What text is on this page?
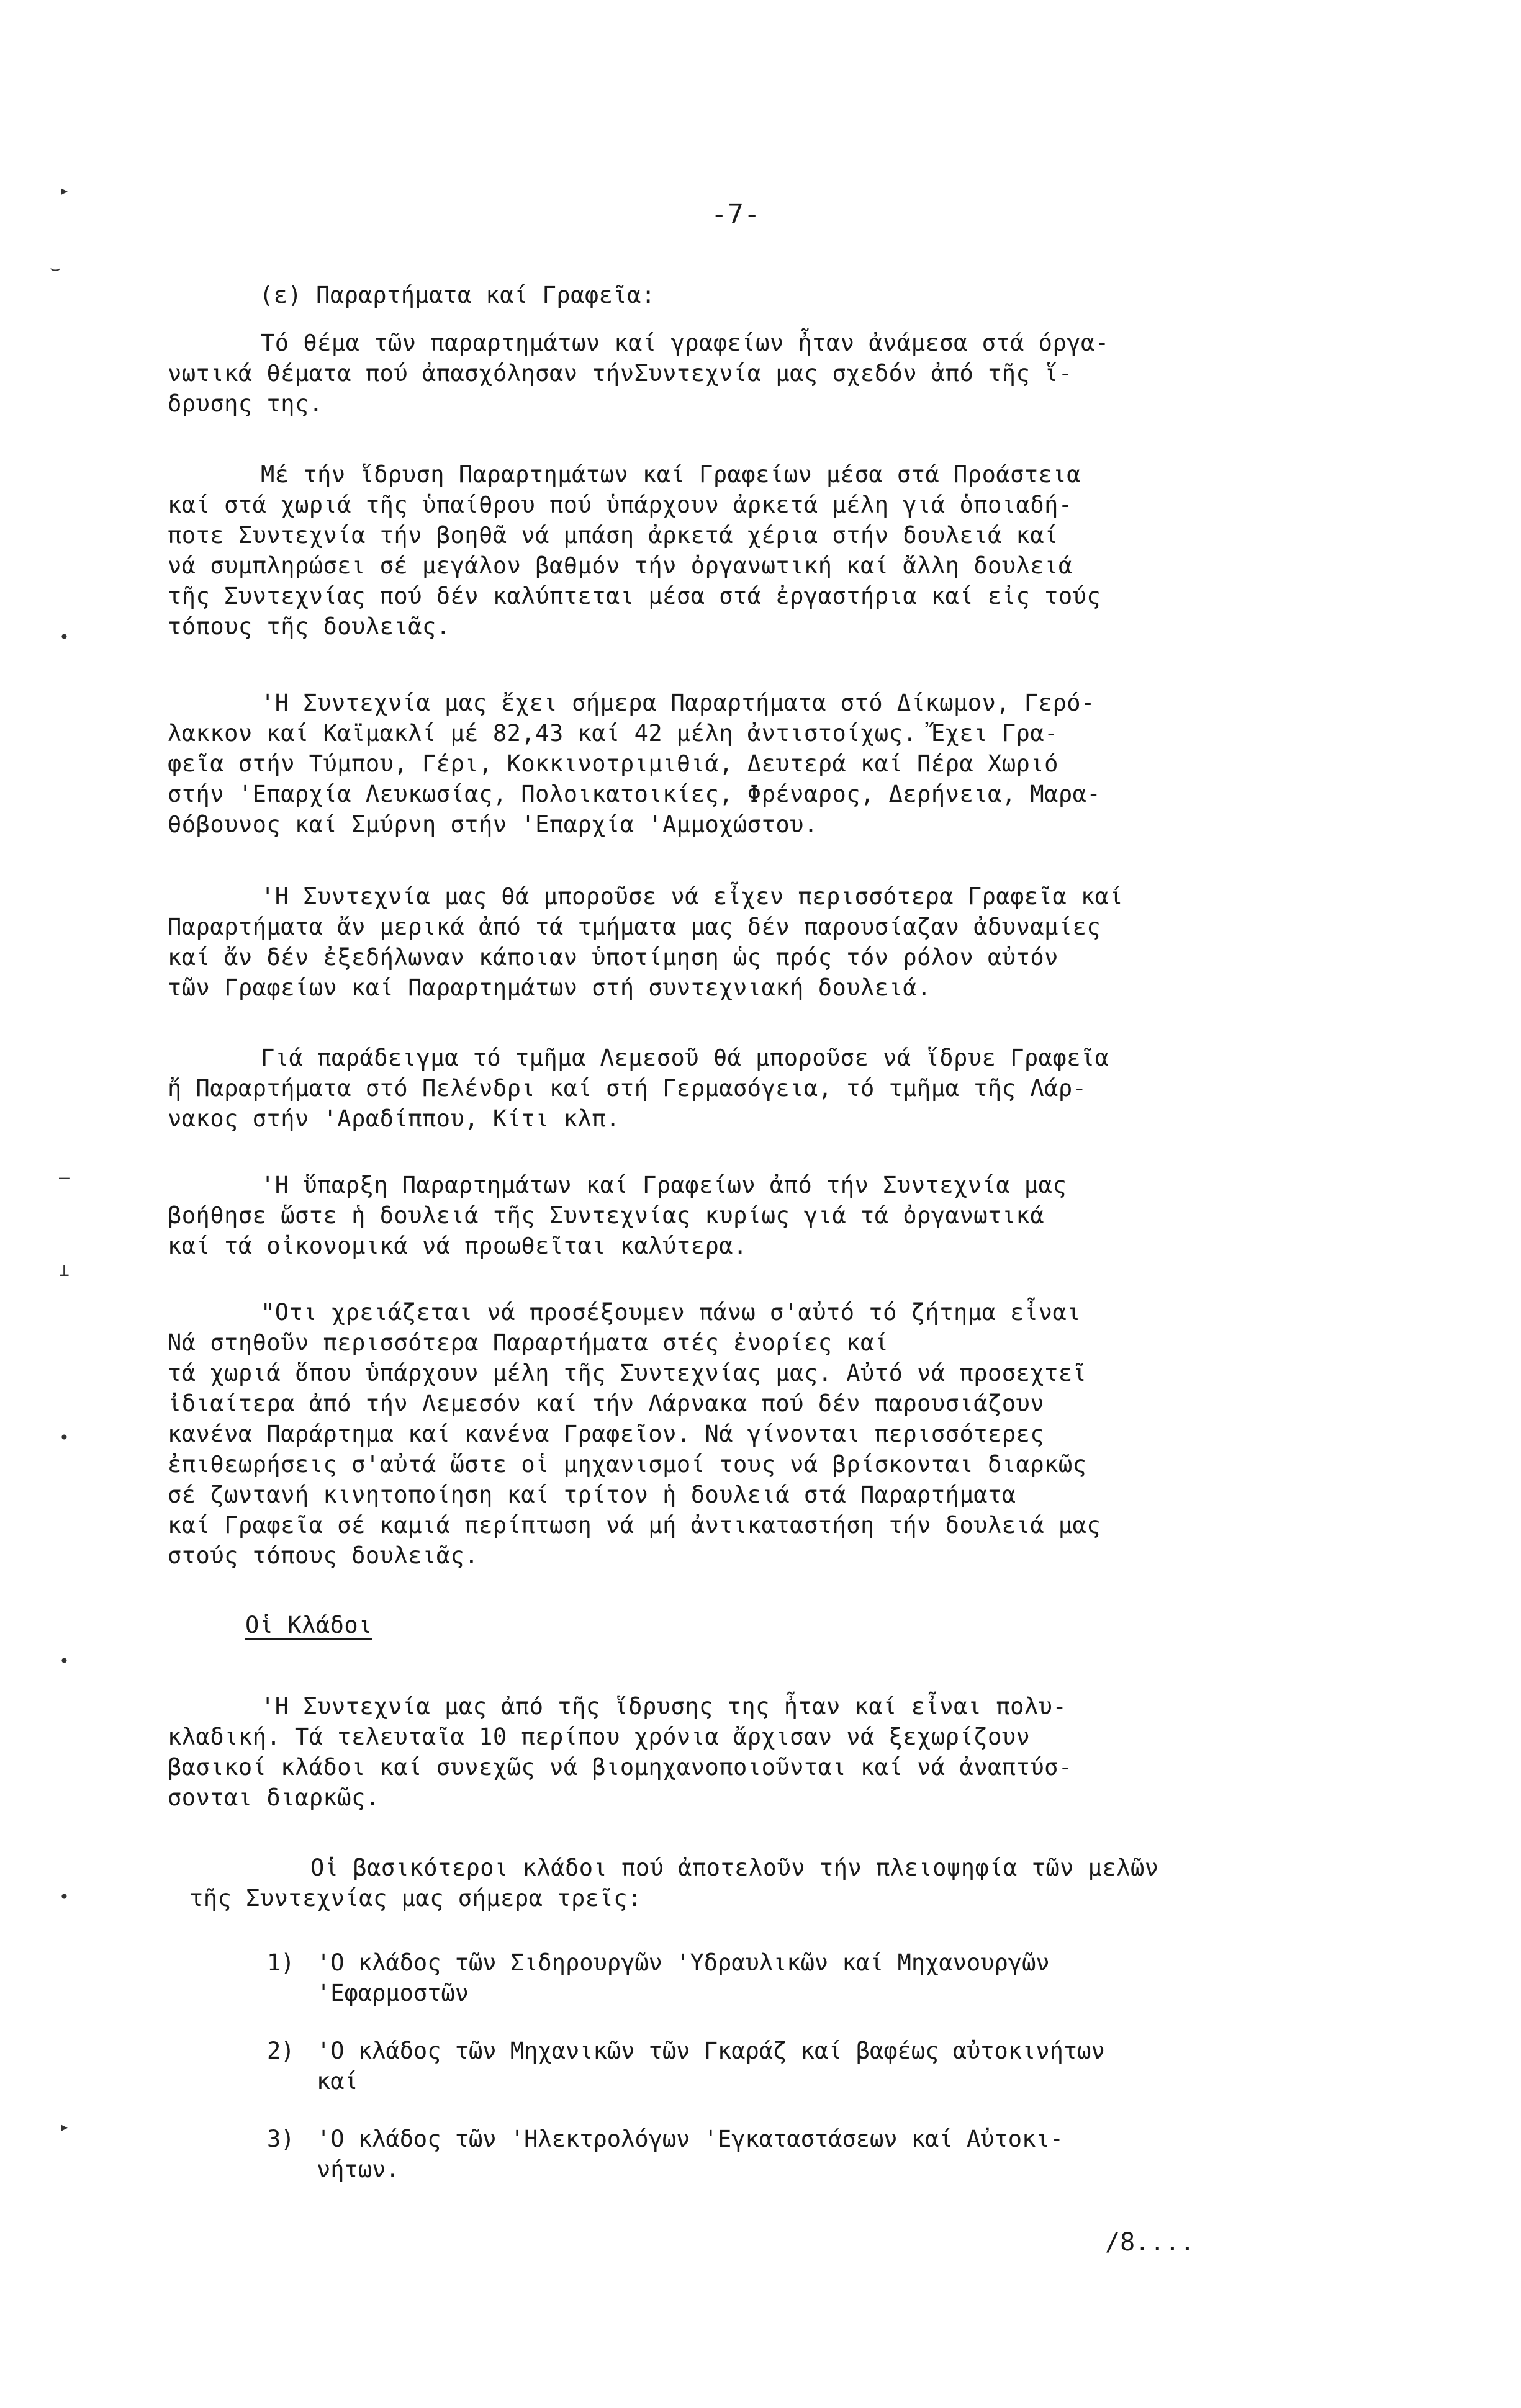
-7-
(ε) Παραρτήματα καί Γραφεῖα:
Τό θέμα τῶν παραρτημάτων καί γραφείων ἦταν ἀνάμεσα στά όργα-
νωτικά θέματα πού ἀπασχόλησαν τήνΣυντεχνία μας σχεδόν ἀπό τῆς ἵ-
δρυσης της.
Μέ τήν ἵδρυση Παραρτημάτων καί Γραφείων μέσα στά Προάστεια
καί στά χωριά τῆς ὑπαίθρου πού ὑπάρχουν ἀρκετά μέλη γιά ὁποιαδή-
ποτε Συντεχνία τήν βοηθᾶ νά μπάση ἀρκετά χέρια στήν δουλειά καί
νά συμπληρώσει σέ μεγάλον βαθμόν τήν ὀργανωτική καί ἄλλη δουλειά
τῆς Συντεχνίας πού δέν καλύπτεται μέσα στά ἐργαστήρια καί εἰς τούς
τόπους τῆς δουλειᾶς.
'Η Συντεχνία μας ἔχει σήμερα Παραρτήματα στό Δίκωμον, Γερό-
λακκον καί Καϊμακλί μέ 82,43 καί 42 μέλη ἀντιστοίχως. Ἔχει Γρα-
φεῖα στήν Τύμπου, Γέρι, Κοκκινοτριμιθιά, Δευτερά καί Πέρα Χωριό
στήν 'Επαρχία Λευκωσίας, Πολοικατοικίες, Φρέναρος, Δερήνεια, Μαρα-
θόβουνος καί Σμύρνη στήν 'Επαρχία 'Αμμοχώστου.
'Η Συντεχνία μας θά μποροῦσε νά εἶχεν περισσότερα Γραφεῖα καί
Παραρτήματα ἄν μερικά ἀπό τά τμήματα μας δέν παρουσίαζαν ἀδυναμίες
καί ἄν δέν ἐξεδήλωναν κάποιαν ὑποτίμηση ὡς πρός τόν ρόλον αὐτόν
τῶν Γραφείων καί Παραρτημάτων στή συντεχνιακή δουλειά.
Γιά παράδειγμα τό τμῆμα Λεμεσοῦ θά μποροῦσε νά ἵδρυε Γραφεῖα
ἤ Παραρτήματα στό Πελένδρι καί στή Γερμασόγεια, τό τμῆμα τῆς Λάρ-
νακος στήν 'Αραδίππου, Κίτι κλπ.
'Η ὕπαρξη Παραρτημάτων καί Γραφείων ἀπό τήν Συντεχνία μας
βοήθησε ὥστε ἡ δουλειά τῆς Συντεχνίας κυρίως γιά τά ὀργανωτικά
καί τά οἰκονομικά νά προωθεῖται καλύτερα.
"Οτι χρειάζεται νά προσέξουμεν πάνω σ'αὐτό τό ζήτημα εἶναι
Νά στηθοῦν περισσότερα Παραρτήματα στές ἐνορίες καί
τά χωριά ὅπου ὑπάρχουν μέλη τῆς Συντεχνίας μας. Αὐτό νά προσεχτεῖ
ἰδιαίτερα ἀπό τήν Λεμεσόν καί τήν Λάρνακα πού δέν παρουσιάζουν
κανένα Παράρτημα καί κανένα Γραφεῖον. Νά γίνονται περισσότερες
ἐπιθεωρήσεις σ'αὐτά ὥστε οἱ μηχανισμοί τους νά βρίσκονται διαρκῶς
σέ ζωντανή κινητοποίηση καί τρίτον ἡ δουλειά στά Παραρτήματα
καί Γραφεῖα σέ καμιά περίπτωση νά μή ἀντικαταστήση τήν δουλειά μας
στούς τόπους δουλειᾶς.
Οἱ Κλάδοι
'Η Συντεχνία μας ἀπό τῆς ἵδρυσης της ἦταν καί εἶναι πολυ-
κλαδική. Τά τελευταῖα 10 περίπου χρόνια ἄρχισαν νά ξεχωρίζουν
βασικοί κλάδοι καί συνεχῶς νά βιομηχανοποιοῦνται καί νά ἀναπτύσ-
σονται διαρκῶς.
Οἱ βασικότεροι κλάδοι πού ἀποτελοῦν τήν πλειοψηφία τῶν μελῶν
τῆς Συντεχνίας μας σήμερα τρεῖς:
1) 'Ο κλάδος τῶν Σιδηρουργῶν 'Υδραυλικῶν καί Μηχανουργῶν
'Εφαρμοστῶν
2) 'Ο κλάδος τῶν Μηχανικῶν τῶν Γκαράζ καί βαφέως αὐτοκινήτων
καί
3) 'Ο κλάδος τῶν 'Ηλεκτρολόγων 'Εγκαταστάσεων καί Αὐτοκι-
νήτων.
/8....
▸
⌣
•
–
⊥
•
•
•
▸
